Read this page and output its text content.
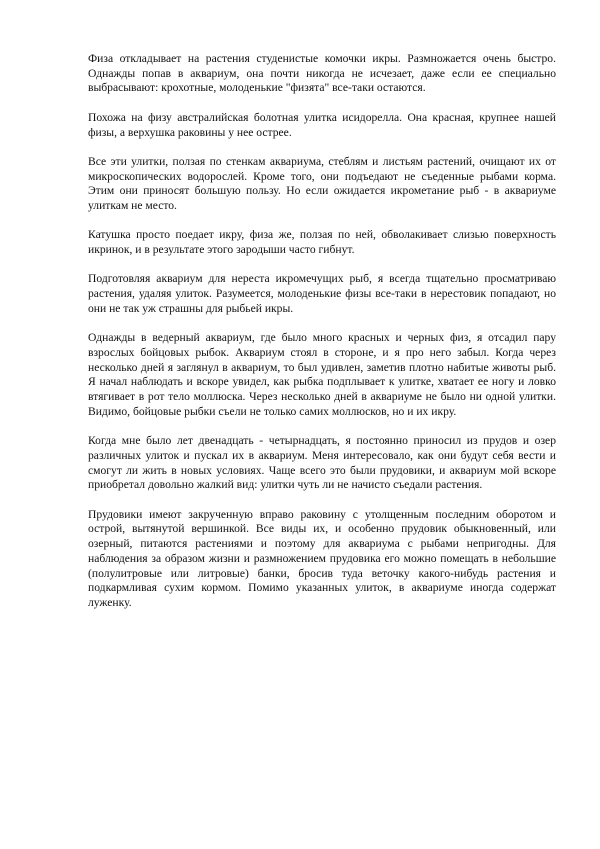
Физа откладывает на растения студенистые комочки икры. Размножается очень быстро. Однажды попав в аквариум, она почти никогда не исчезает, даже если ее специально выбрасывают: крохотные, молоденькие "физята" все-таки остаются.

Похожа на физу австралийская болотная улитка исидорелла. Она красная, крупнее нашей физы, а верхушка раковины у нее острее.

Все эти улитки, ползая по стенкам аквариума, стеблям и листьям растений, очищают их от микроскопических водорослей. Кроме того, они подъедают не съеденные рыбами корма. Этим они приносят большую пользу. Но если ожидается икрометание рыб - в аквариуме улиткам не место.

Катушка просто поедает икру, физа же, ползая по ней, обволакивает слизью поверхность икринок, и в результате этого зародыши часто гибнут.

Подготовляя аквариум для нереста икромечущих рыб, я всегда тщательно просматриваю растения, удаляя улиток. Разумеется, молоденькие физы все-таки в нерестовик попадают, но они не так уж страшны для рыбьей икры.

Однажды в ведерный аквариум, где было много красных и черных физ, я отсадил пару взрослых бойцовых рыбок. Аквариум стоял в стороне, и я про него забыл. Когда через несколько дней я заглянул в аквариум, то был удивлен, заметив плотно набитые животы рыб. Я начал наблюдать и вскоре увидел, как рыбка подплывает к улитке, хватает ее ногу и ловко втягивает в рот тело моллюска. Через несколько дней в аквариуме не было ни одной улитки. Видимо, бойцовые рыбки съели не только самих моллюсков, но и их икру.

Когда мне было лет двенадцать - четырнадцать, я постоянно приносил из прудов и озер различных улиток и пускал их в аквариум. Меня интересовало, как они будут себя вести и смогут ли жить в новых условиях. Чаще всего это были прудовики, и аквариум мой вскоре приобретал довольно жалкий вид: улитки чуть ли не начисто съедали растения.

Прудовики имеют закрученную вправо раковину с утолщенным последним оборотом и острой, вытянутой вершинкой. Все виды их, и особенно прудовик обыкновенный, или озерный, питаются растениями и поэтому для аквариума с рыбами непригодны. Для наблюдения за образом жизни и размножением прудовика его можно помещать в небольшие (полулитровые или литровые) банки, бросив туда веточку какого-нибудь растения и подкармливая сухим кормом. Помимо указанных улиток, в аквариуме иногда содержат луженку.
